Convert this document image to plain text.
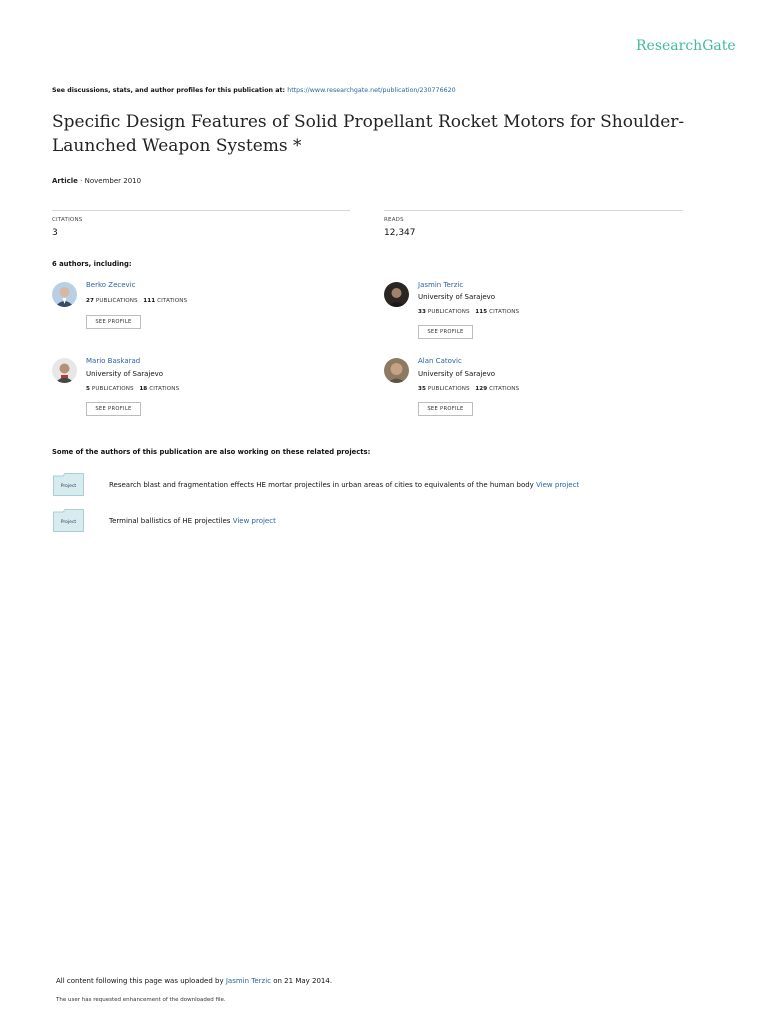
ResearchGate
See discussions, stats, and author profiles for this publication at: https://www.researchgate.net/publication/230776620
Specific Design Features of Solid Propellant Rocket Motors for Shoulder-Launched Weapon Systems *
Article · November 2010
CITATIONS
3
READS
12,347
6 authors, including:
Berko Zecevic
27 PUBLICATIONS 111 CITATIONS
SEE PROFILE
Jasmin Terzic
University of Sarajevo
33 PUBLICATIONS 115 CITATIONS
SEE PROFILE
Mario Baskarad
University of Sarajevo
5 PUBLICATIONS 18 CITATIONS
SEE PROFILE
Alan Catovic
University of Sarajevo
35 PUBLICATIONS 129 CITATIONS
SEE PROFILE
Some of the authors of this publication are also working on these related projects:
Project	Research blast and fragmentation effects HE mortar projectiles in urban areas of cities to equivalents of the human body View project
Project	Terminal ballistics of HE projectiles View project
All content following this page was uploaded by Jasmin Terzic on 21 May 2014.
The user has requested enhancement of the downloaded file.
